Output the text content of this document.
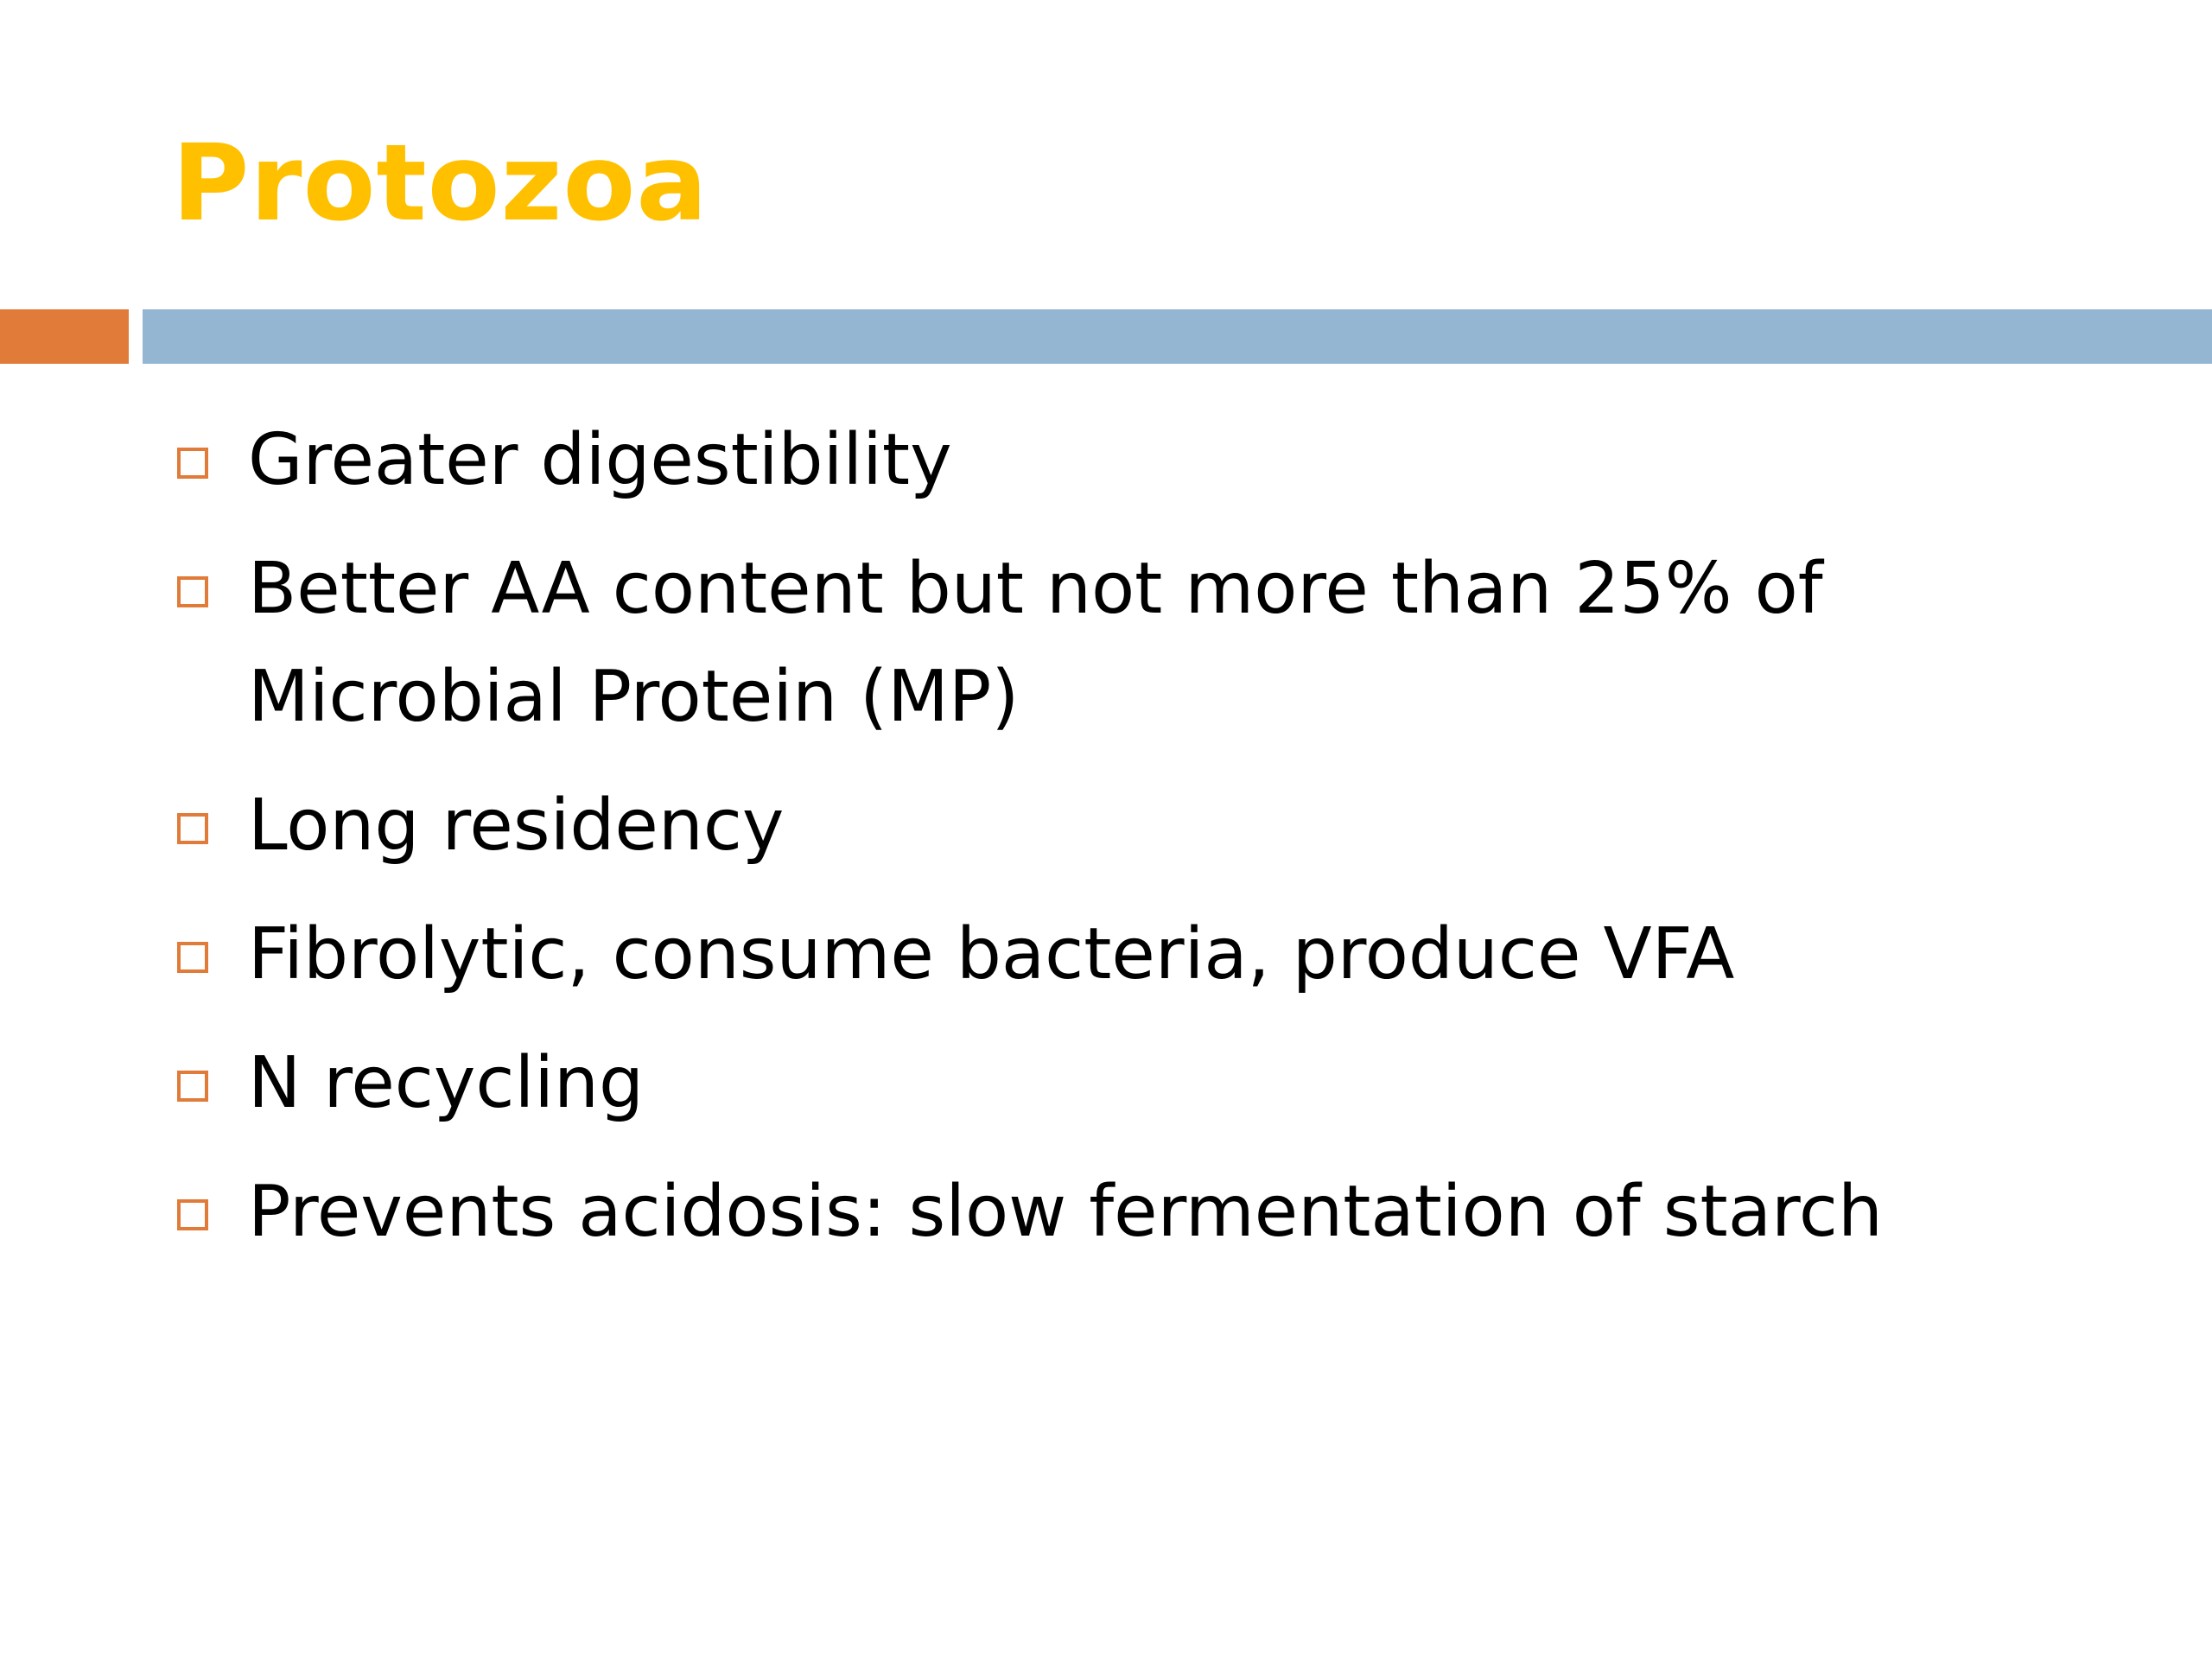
Protozoa
Greater digestibility
Better AA content but not more than 25% of Microbial Protein (MP)
Long residency
Fibrolytic, consume bacteria, produce VFA
N recycling
Prevents acidosis: slow fermentation of starch
